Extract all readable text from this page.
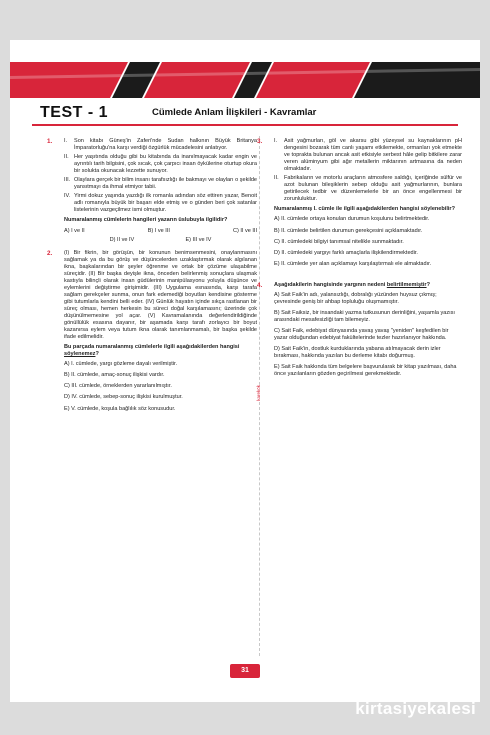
TEST - 1	Cümlede Anlam İlişkileri - Kavramlar
karekök
1. I. Son kitabı Güneş'in Zaferi'nde Sudan halkının Büyük Britanya İmparatorluğu'na karşı verdiği özgürlük mücadelesini anlatıyor.
II. Her yaşıtında olduğu gibi bu kitabında da inanılmayacak kadar engin ve ayrıntılı tarih bilgisini, çok sıcak, çok çarpıcı insan öykülerine oturtup okura bir solukta okunacak lezzette sunuyor.
III. Olaylara gerçek bir bilim insanı tarafsızlığı ile bakmayı ve olayları o şekilde yansıtmayı da ihmal etmiyor tabii.
IV. Yirmi dokuz yaşında yazdığı ilk romanla adından söz ettiren yazar, Benoit adlı romanıyla büyük bir başarı elde etmiş ve o günden beri çok satanlar listelerinin vazgeçilmez ismi olmuştur.
Numaralanmış cümlelerin hangileri yazarın üslubuyla ilgilidir?
A) I ve II	B) I ve III	C) II ve III
D) II ve IV	E) III ve IV
2. (I) Bir fikrin, bir görüşün, bir konunun benimsenmesini, onaylanmasını sağlamak ya da bu görüş ve düşüncelerden uzaklaştırmak olarak algılanan ikna, başkalarından bir şeyler öğrenme ve ortak bir çözüme ulaşabilme süreçidir. (II) Bir başka deyişle ikna, önceden belirlenmiş sonuçlara ulaşmak kastıyla bilinçli olarak insan güdülerinin manipülasyonu yoluyla düşünce ve eylemlerini değiştirme girişimidir. (III) Uygulama esnasında, karşı tarafa sağlam gerekçeler sunma, onun fark edemediği boyutları kendisine gösterme gibi tutumlarla kendini belli eder. (IV) Günlük hayatın içinde sıkça rastlanan bir süreç olması, hemen herkesin bu süreci doğal karşılamasını; üzerinde çok düşünülmemesine yol açar. (V) Kavramalanında değerlendirildiğinde gönüllülük esasına dayanır, bir aşamada karşı tarafı zorlayıcı bir boyut kazanırsa eylem veya tutum ikna olarak tanımlanmamalı, bir başka şekilde ifade edilmelidir.
Bu parçada numaralanmış cümlelerle ilgili aşağıdakilerden hangisi söylenemez?
A) I. cümlede, yargı gözleme dayalı verilmiştir.
B) II. cümlede, amaç-sonuç ilişkisi vardır.
C) III. cümlede, örneklerden yararlanılmıştır.
D) IV. cümlede, sebep-sonuç ilişkisi kurulmuştur.
E) V. cümlede, koşula bağlılık söz konusudur.
3. I. Asit yağmurları, göl ve akarsu gibi yüzeysel su kaynaklarının pH dengesini bozarak tüm canlı yaşamı etkilemekte, ormanları yok etmekte ve toprakta bulunan ancak asit etkisiyle serbest hâle gelip bitkilere zarar veren alüminyum gibi ağır metallerin miktarının artmasına da neden olmaktadır.
II. Fabrikaların ve motorlu araçların atmosfere saldığı, içeriğinde sülfür ve azot bulunan bileşiklerin sebep olduğu asit yağmurlarının, bunlara getirilecek tedbir ve düzenlemelerle bir an önce engellenmesi bir zorunluluktur.
Numaralanmış I. cümle ile ilgili aşağıdakilerden hangisi söylenebilir?
A) II. cümlede ortaya konulan durumun koşulunu belirtmektedir.
B) II. cümlede belirtilen durumun gerekçesini açıklamaktadır.
C) II. cümledeki bilgiyi tanımsal nitelikle sunmaktadır.
D) II. cümledeki yargıyı farklı amaçlarla ilişkilendirmektedir.
E) II. cümlede yer alan açıklamayı karşılaştırmalı ele almaktadır.
4. Aşağıdakilerin hangisinde yargının nedeni belirtilmemiştir?
A) Sait Faik'in adı, yalansızlığı, dobralığı yüzünden huysuz çıkmış; çevresinde geniş bir ahbap topluluğu oluşmamıştır.
B) Sait Faiksiz, bir insandaki yazma tutkusunun derinliğini, yaşamla yazısı arasındaki mesafesizliği tam bilemeyiz.
C) Sait Faik, edebiyat dünyasında yavaş yavaş "yeniden" keşfedilen bir yazar olduğundan edebiyat fakültelerinde tezler hazırlanıyor hakkında.
D) Sait Faik'in, dostluk kurduklarında yabana atılmayacak derin izler bırakması, hakkında yazılan bu derleme kitabı doğurmuş.
E) Sait Faik hakkında tüm belgelere başvurularak bir kitap yazılması, daha önce yazılanların gözden geçirilmesi gerekmektedir.
31
kirtasiyekalesi
